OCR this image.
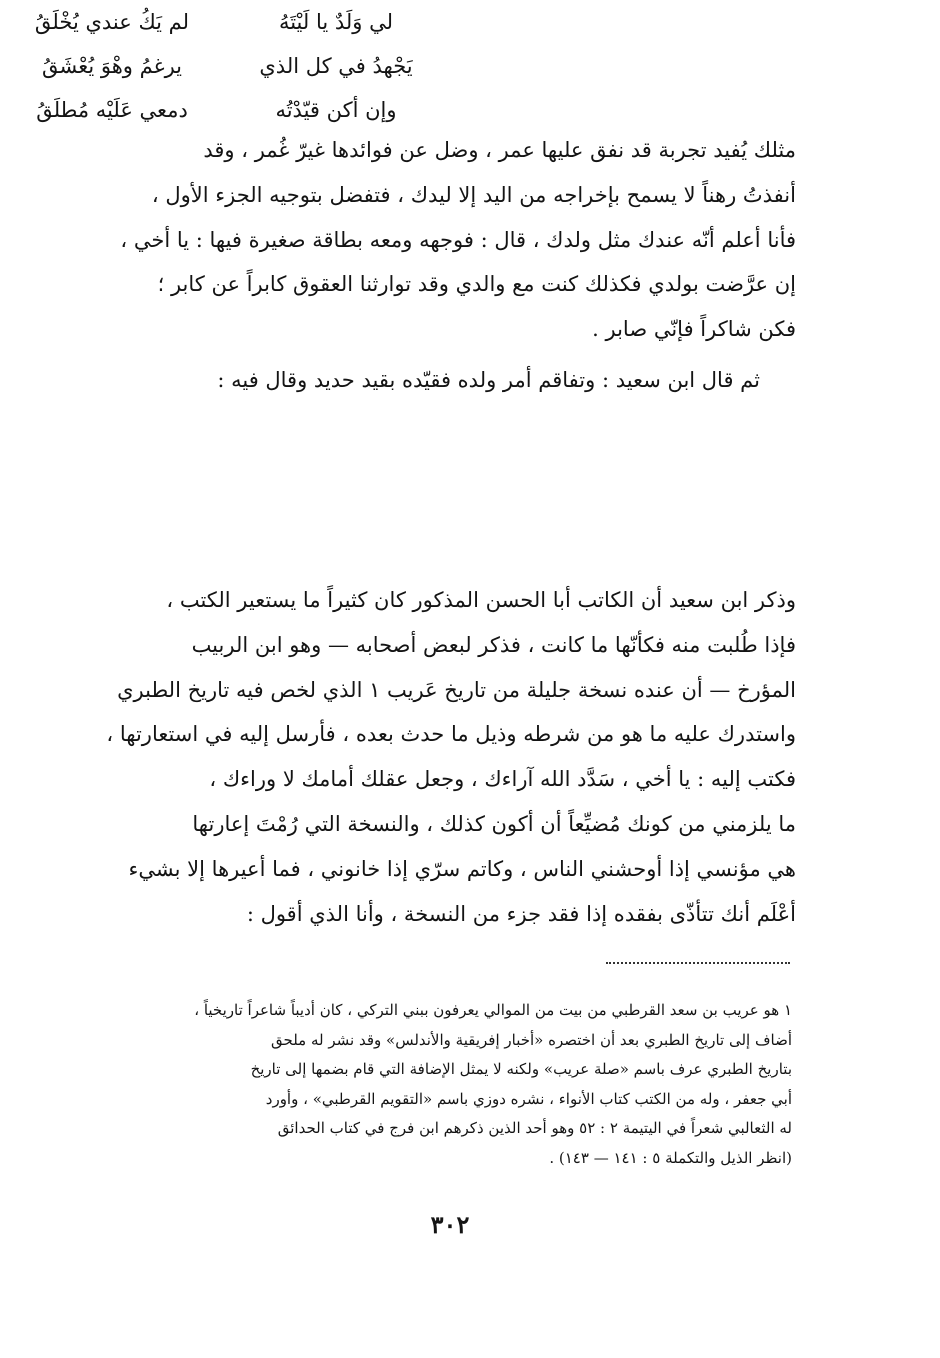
مثلك يُفيد تجربة قد نفق عليها عمر ، وضل عن فوائدها غيرّ غُمر ، وقد
أنفذتُ رهناً لا يسمح بإخراجه من اليد إلا ليدك ، فتفضل بتوجيه الجزء الأول ،
فأنا أعلم أنّه عندك مثل ولدك ، قال : فوجهه ومعه بطاقة صغيرة فيها : يا أخي ،
إن عرَّضت بولدي فكذلك كنت مع والدي وقد توارثنا العقوق كابراً عن كابر ؛
فكن شاكراً فإنّي صابر .
ثم قال ابن سعيد : وتفاقم أمر ولده فقيّده بقيد حديد وقال فيه :
لي وَلَدٌ يا لَيْتَهُ
لم يَكُ عندي يُخْلَقُ
يَجْهدُ في كل الذي
يرغمُ وهْوَ يُعْشَقُ
وإن أكن قيّدْتُه
دمعي عَلَيْه مُطلَقُ
وذكر ابن سعيد أن الكاتب أبا الحسن المذكور كان كثيراً ما يستعير الكتب ،
فإذا طُلبت منه فكأنّها ما كانت ، فذكر لبعض أصحابه — وهو ابن الربيب
المؤرخ — أن عنده نسخة جليلة من تاريخ عَريب ١ الذي لخص فيه تاريخ الطبري
واستدرك عليه ما هو من شرطه وذيل ما حدث بعده ، فأرسل إليه في استعارتها ،
فكتب إليه : يا أخي ، سَدَّد الله آراءك ، وجعل عقلك أمامك لا وراءك ،
ما يلزمني من كونك مُضيِّعاً أن أكون كذلك ، والنسخة التي رُمْتَ إعارتها
هي مؤنسي إذا أوحشني الناس ، وكاتم سرّي إذا خانوني ، فما أعيرها إلا بشيء
أعْلَم أنك تتأذّى بفقده إذا فقد جزء من النسخة ، وأنا الذي أقول :
١ هو عريب بن سعد القرطبي من بيت من الموالي يعرفون ببني التركي ، كان أديباً شاعراً تاريخياً ،
أضاف إلى تاريخ الطبري بعد أن اختصره «أخبار إفريقية والأندلس» وقد نشر له ملحق
بتاريخ الطبري عرف باسم «صلة عريب» ولكنه لا يمثل الإضافة التي قام بضمها إلى تاريخ
أبي جعفر ، وله من الكتب كتاب الأنواء ، نشره دوزي باسم «التقويم القرطبي» ، وأورد
له الثعالبي شعراً في اليتيمة ٢ : ٥٢ وهو أحد الذين ذكرهم ابن فرج في كتاب الحدائق
(انظر الذيل والتكملة ٥ : ١٤١ — ١٤٣) .
٣٠٢
